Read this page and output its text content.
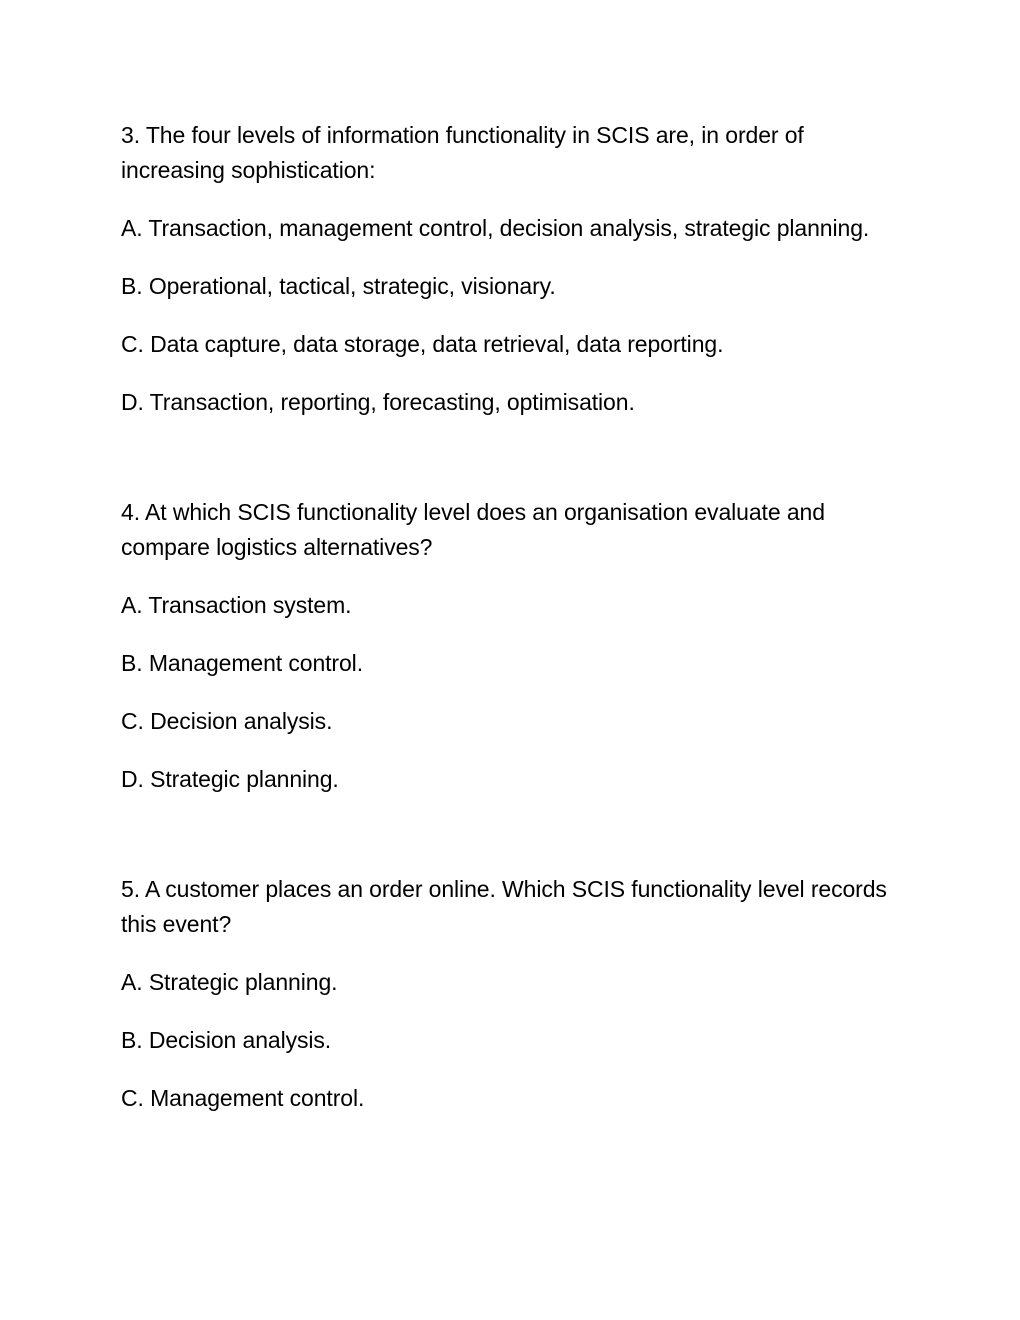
3. The four levels of information functionality in SCIS are, in order of increasing sophistication:

A. Transaction, management control, decision analysis, strategic planning.

B. Operational, tactical, strategic, visionary.

C. Data capture, data storage, data retrieval, data reporting.

D. Transaction, reporting, forecasting, optimisation.

4. At which SCIS functionality level does an organisation evaluate and compare logistics alternatives?

A. Transaction system.

B. Management control.

C. Decision analysis.

D. Strategic planning.

5. A customer places an order online. Which SCIS functionality level records this event?

A. Strategic planning.

B. Decision analysis.

C. Management control.
